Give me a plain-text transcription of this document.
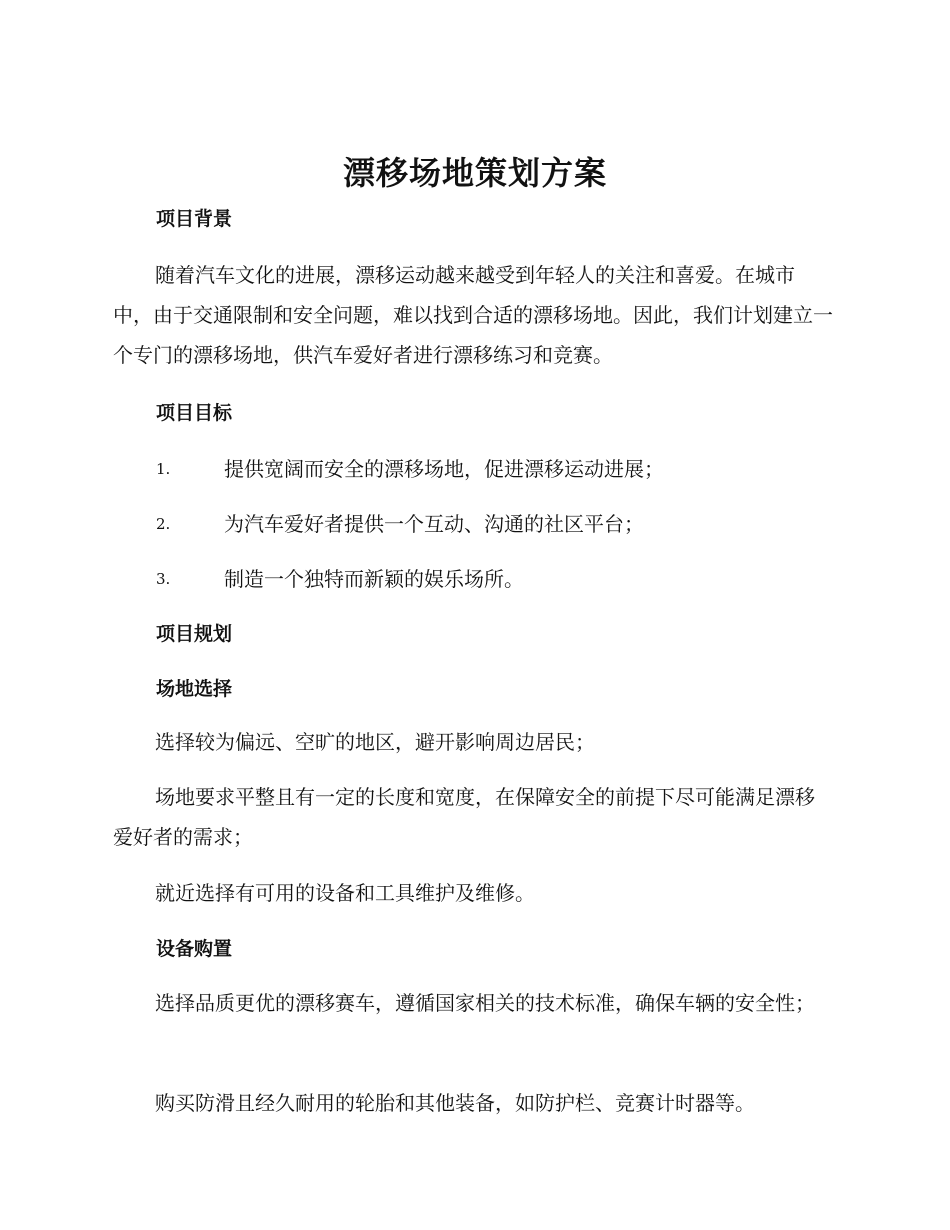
漂移场地策划方案
项目背景

随着汽车文化的进展，漂移运动越来越受到年轻人的关注和喜爱。在城市中，由于交通限制和安全问题，难以找到合适的漂移场地。因此，我们计划建立一个专门的漂移场地，供汽车爱好者进行漂移练习和竞赛。

项目目标
1.	提供宽阔而安全的漂移场地，促进漂移运动进展；
2.	为汽车爱好者提供一个互动、沟通的社区平台；
3.	制造一个独特而新颖的娱乐场所。
项目规划
场地选择

选择较为偏远、空旷的地区，避开影响周边居民；

场地要求平整且有一定的长度和宽度，在保障安全的前提下尽可能满足漂移爱好者的需求；

就近选择有可用的设备和工具维护及维修。

设备购置

选择品质更优的漂移赛车，遵循国家相关的技术标准，确保车辆的安全性；

购买防滑且经久耐用的轮胎和其他装备，如防护栏、竞赛计时器等。
